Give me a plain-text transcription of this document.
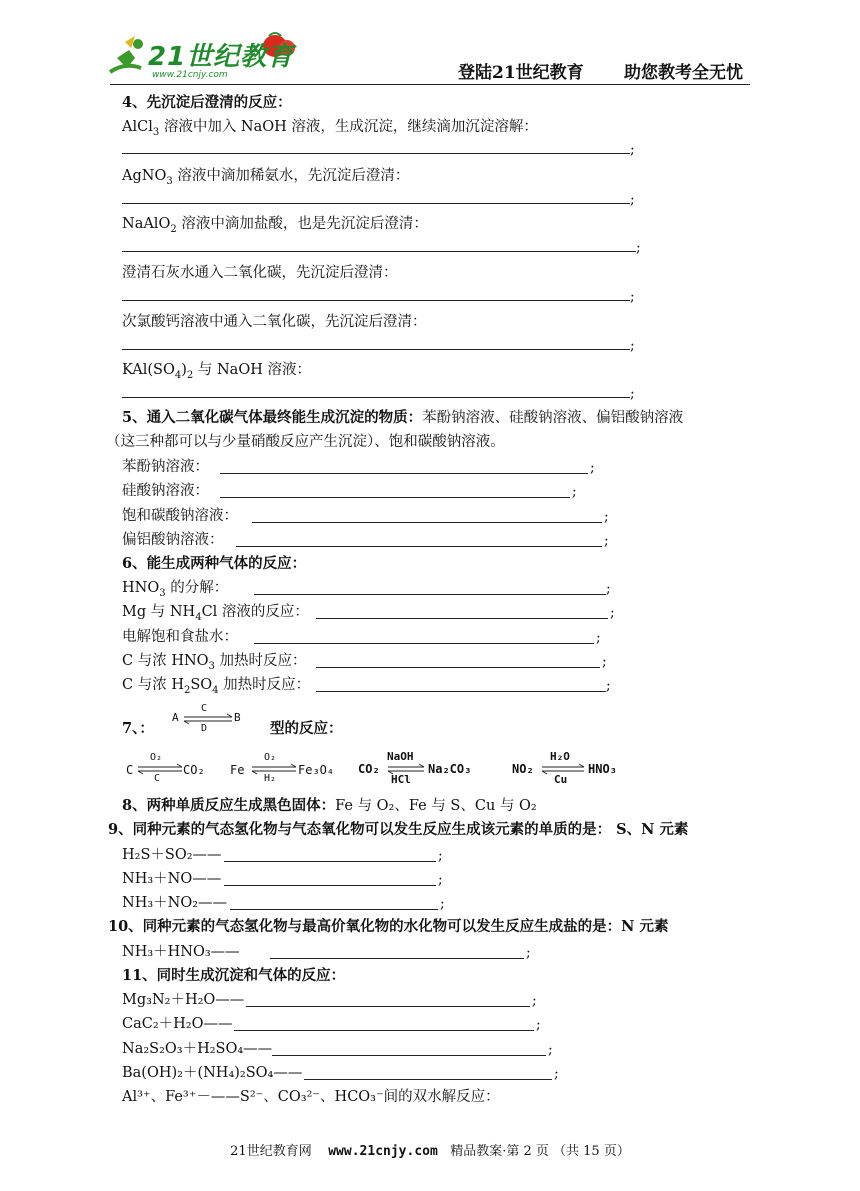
21世纪教育
www.21cnjy.com	登陆21世纪教育 助您教考全无忧
4、先沉淀后澄清的反应：
AlCl$_3$ 溶液中加入 NaOH 溶液，生成沉淀，继续滴加沉淀溶解：
;
AgNO$_3$ 溶液中滴加稀氨水，先沉淀后澄清：
;
NaAlO$_2$ 溶液中滴加盐酸，也是先沉淀后澄清：
;
澄清石灰水通入二氧化碳，先沉淀后澄清：
;
次氯酸钙溶液中通入二氧化碳，先沉淀后澄清：
;
$KAl(SO_4)_2$ 与 NaOH 溶液：
;
5、通入二氧化碳气体最终能生成沉淀的物质：苯酚钠溶液、硅酸钠溶液、偏铝酸钠溶液
（这三种都可以与少量硝酸反应产生沉淀）、饱和碳酸钠溶液。
苯酚钠溶液：	;
硅酸钠溶液：	;
饱和碳酸钠溶液：	;
偏铝酸钠溶液：	;
6、能生成两种气体的反应：
$HNO_3$ 的分解：	;
Mg 与 $NH_4Cl$ 溶液的反应：	;
电解饱和食盐水：	;
C 与浓 $HNO_3$ 加热时反应：	;
C 与浓 $H_2SO_4$ 加热时反应：	;
7、：
A	B
C
D	型的反应：
C ⇌
O₂
C
CO₂ Fe ⇌
O₂
H₂
Fe₃O₄ CO₂ ⇌
NaOH
HCl
Na₂CO₃	NO₂ ⇌
H₂O
Cu
HNO₃
8、两种单质反应生成黑色固体：Fe 与 O₂、Fe 与 S、Cu 与 O₂
9、同种元素的气态氢化物与气态氧化物可以发生反应生成该元素的单质的是： S、N 元素
H₂S＋SO₂——	;
NH₃＋NO——	;
NH₃＋NO₂——	;
10、同种元素的气态氢化物与最高价氧化物的水化物可以发生反应生成盐的是：N 元素
NH₃＋HNO₃——	;
11、同时生成沉淀和气体的反应：
Mg₃N₂＋H₂O——	;
CaC₂＋H₂O——	;
Na₂S₂O₃＋H₂SO₄——	;
Ba(OH)₂＋(NH₄)₂SO₄——	;
Al³⁺、Fe³⁺－——S²⁻、CO₃²⁻、HCO₃⁻间的双水解反应：
21世纪教育网 www.21cnjy.com 精品教案·第 2 页 （共 15 页）
